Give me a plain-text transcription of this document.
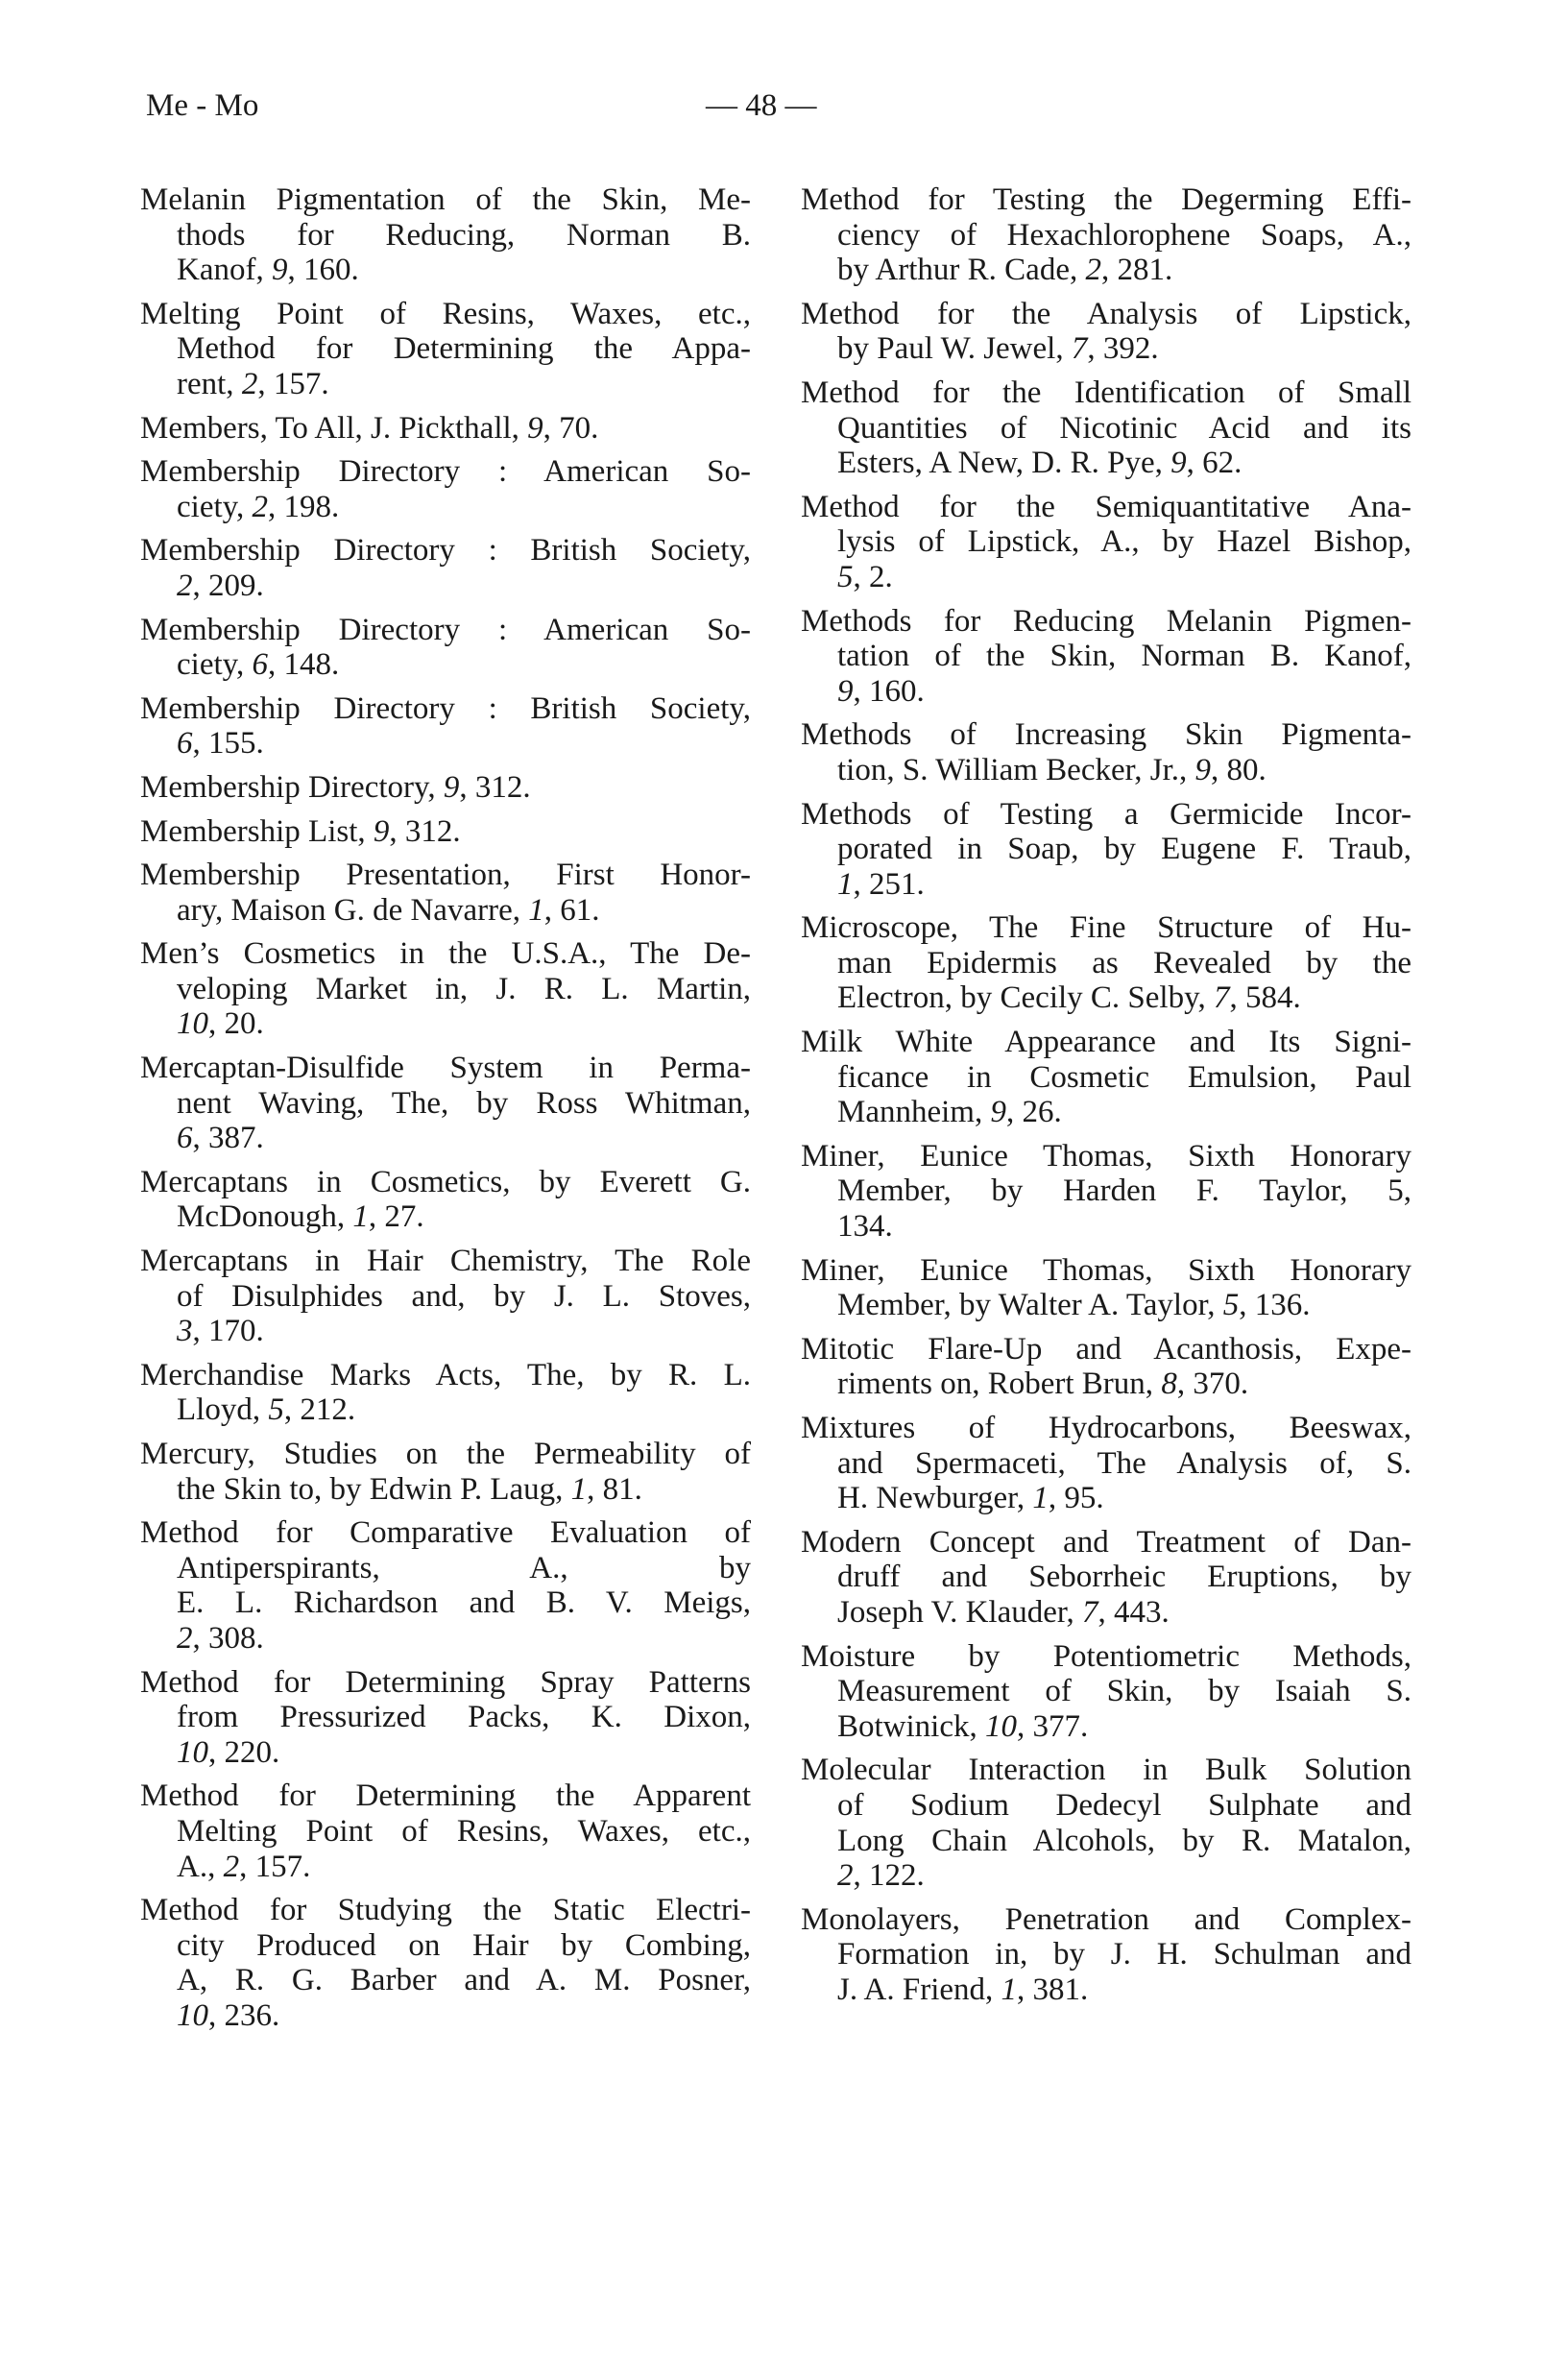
Me - Mo	— 48 —
Melanin Pigmentation of the Skin, Me-
thods for Reducing, Norman B.
Kanof, 9, 160.
Melting Point of Resins, Waxes, etc.,
Method for Determining the Appa-
rent, 2, 157.
Members, To All, J. Pickthall, 9, 70.
Membership Directory : American So-
ciety, 2, 198.
Membership Directory : British Society,
2, 209.
Membership Directory : American So-
ciety, 6, 148.
Membership Directory : British Society,
6, 155.
Membership Directory, 9, 312.
Membership List, 9, 312.
Membership Presentation, First Honor-
ary, Maison G. de Navarre, 1, 61.
Men’s Cosmetics in the U.S.A., The De-
veloping Market in, J. R. L. Martin,
10, 20.
Mercaptan-Disulfide System in Perma-
nent Waving, The, by Ross Whitman,
6, 387.
Mercaptans in Cosmetics, by Everett G.
McDonough, 1, 27.
Mercaptans in Hair Chemistry, The Role
of Disulphides and, by J. L. Stoves,
3, 170.
Merchandise Marks Acts, The, by R. L.
Lloyd, 5, 212.
Mercury, Studies on the Permeability of
the Skin to, by Edwin P. Laug, 1, 81.
Method for Comparative Evaluation of
Antiperspirants, A., by
E. L. Richardson and B. V. Meigs,
2, 308.
Method for Determining Spray Patterns
from Pressurized Packs, K. Dixon,
10, 220.
Method for Determining the Apparent
Melting Point of Resins, Waxes, etc.,
A., 2, 157.
Method for Studying the Static Electri-
city Produced on Hair by Combing,
A, R. G. Barber and A. M. Posner,
10, 236.
Method for Testing the Degerming Effi-
ciency of Hexachlorophene Soaps, A.,
by Arthur R. Cade, 2, 281.
Method for the Analysis of Lipstick,
by Paul W. Jewel, 7, 392.
Method for the Identification of Small
Quantities of Nicotinic Acid and its
Esters, A New, D. R. Pye, 9, 62.
Method for the Semiquantitative Ana-
lysis of Lipstick, A., by Hazel Bishop,
5, 2.
Methods for Reducing Melanin Pigmen-
tation of the Skin, Norman B. Kanof,
9, 160.
Methods of Increasing Skin Pigmenta-
tion, S. William Becker, Jr., 9, 80.
Methods of Testing a Germicide Incor-
porated in Soap, by Eugene F. Traub,
1, 251.
Microscope, The Fine Structure of Hu-
man Epidermis as Revealed by the
Electron, by Cecily C. Selby, 7, 584.
Milk White Appearance and Its Signi-
ficance in Cosmetic Emulsion, Paul
Mannheim, 9, 26.
Miner, Eunice Thomas, Sixth Honorary
Member, by Harden F. Taylor, 5,
134.
Miner, Eunice Thomas, Sixth Honorary
Member, by Walter A. Taylor, 5, 136.
Mitotic Flare-Up and Acanthosis, Expe-
riments on, Robert Brun, 8, 370.
Mixtures of Hydrocarbons, Beeswax,
and Spermaceti, The Analysis of, S.
H. Newburger, 1, 95.
Modern Concept and Treatment of Dan-
druff and Seborrheic Eruptions, by
Joseph V. Klauder, 7, 443.
Moisture by Potentiometric Methods,
Measurement of Skin, by Isaiah S.
Botwinick, 10, 377.
Molecular Interaction in Bulk Solution
of Sodium Dedecyl Sulphate and
Long Chain Alcohols, by R. Matalon,
2, 122.
Monolayers, Penetration and Complex-
Formation in, by J. H. Schulman and
J. A. Friend, 1, 381.
